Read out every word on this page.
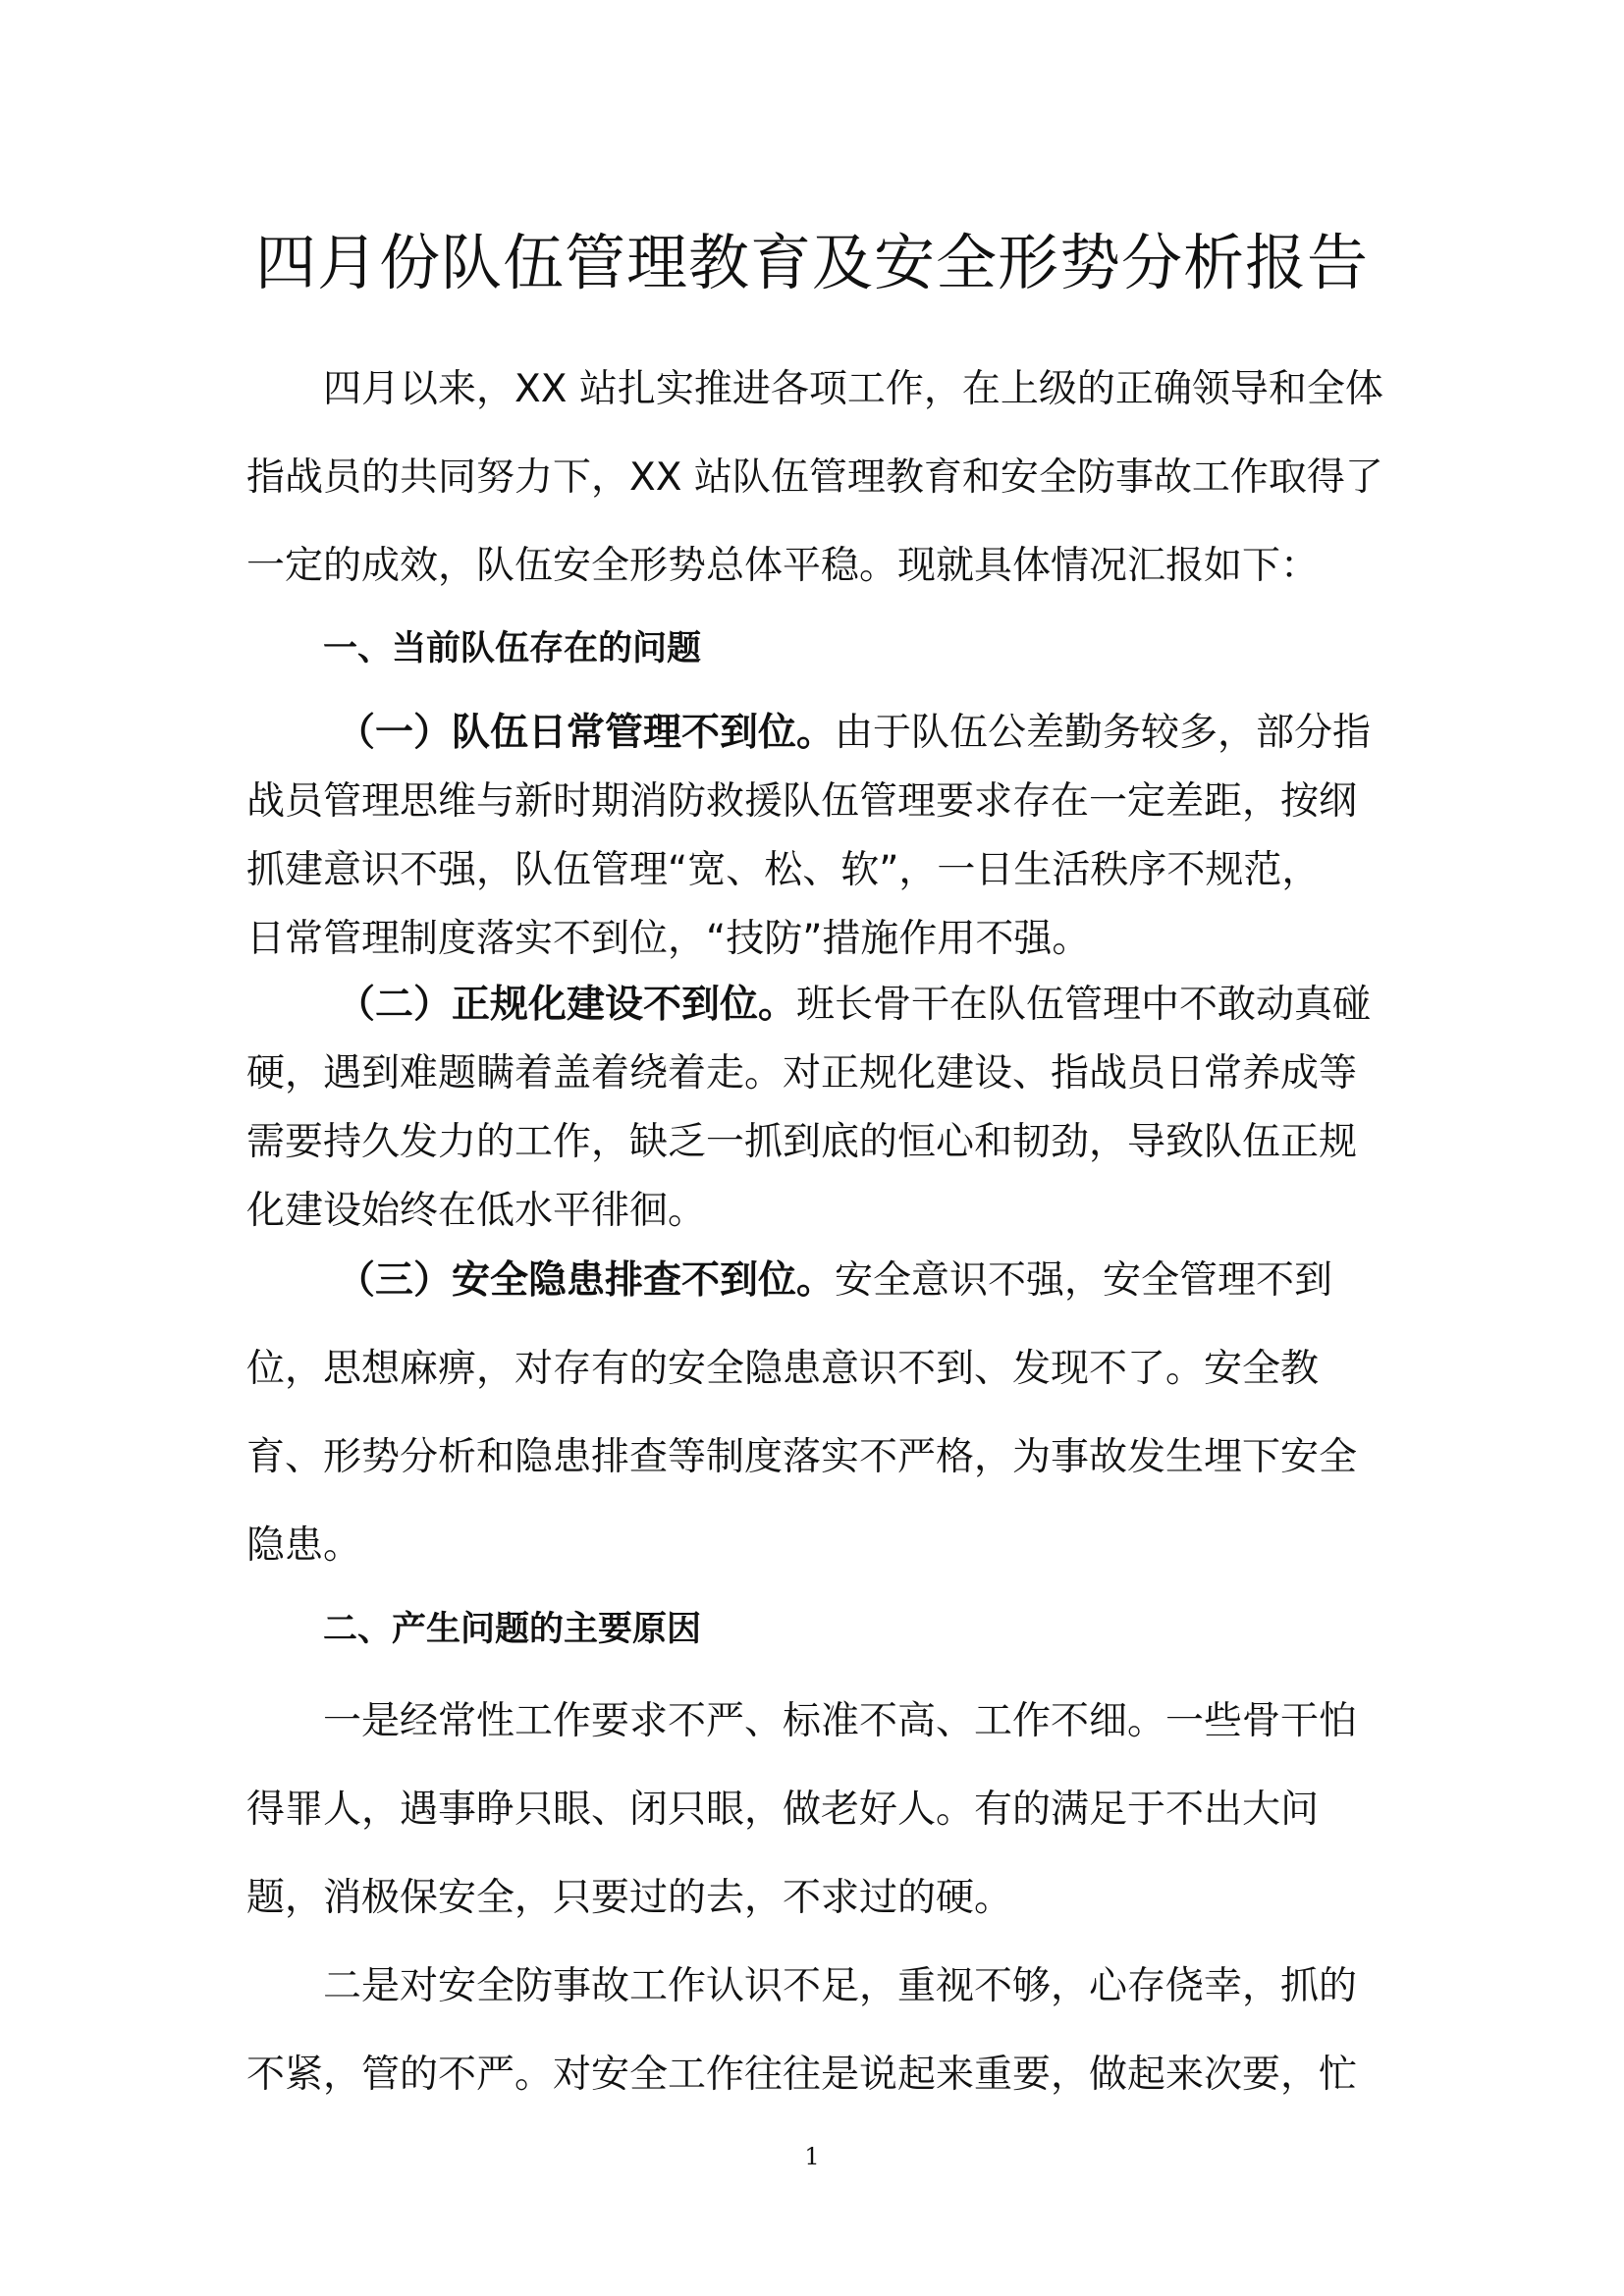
四月份队伍管理教育及安全形势分析报告
四月以来，XX 站扎实推进各项工作，在上级的正确领导和全体
指战员的共同努力下，XX 站队伍管理教育和安全防事故工作取得了
一定的成效，队伍安全形势总体平稳。现就具体情况汇报如下：
一、当前队伍存在的问题
（一）队伍日常管理不到位。由于队伍公差勤务较多，部分指
战员管理思维与新时期消防救援队伍管理要求存在一定差距，按纲
抓建意识不强，队伍管理“宽、松、软”，一日生活秩序不规范，
日常管理制度落实不到位，“技防”措施作用不强。
（二）正规化建设不到位。班长骨干在队伍管理中不敢动真碰
硬，遇到难题瞒着盖着绕着走。对正规化建设、指战员日常养成等
需要持久发力的工作，缺乏一抓到底的恒心和韧劲，导致队伍正规
化建设始终在低水平徘徊。
（三）安全隐患排查不到位。安全意识不强，安全管理不到
位，思想麻痹，对存有的安全隐患意识不到、发现不了。安全教
育、形势分析和隐患排查等制度落实不严格，为事故发生埋下安全
隐患。
二、产生问题的主要原因
一是经常性工作要求不严、标准不高、工作不细。一些骨干怕
得罪人，遇事睁只眼、闭只眼，做老好人。有的满足于不出大问
题，消极保安全，只要过的去，不求过的硬。
二是对安全防事故工作认识不足，重视不够，心存侥幸，抓的
不紧，管的不严。对安全工作往往是说起来重要，做起来次要，忙
1
